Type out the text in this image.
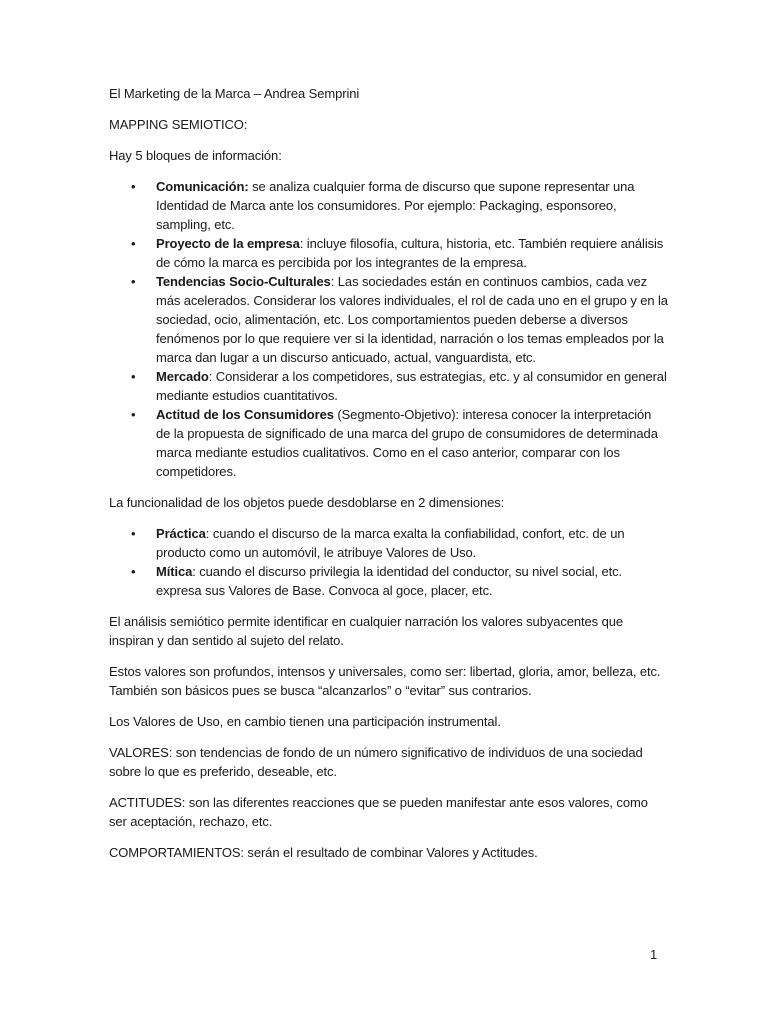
El Marketing de la Marca – Andrea Semprini

MAPPING SEMIOTICO:

Hay 5 bloques de información:

• Comunicación: se analiza cualquier forma de discurso que supone representar una Identidad de Marca ante los consumidores. Por ejemplo: Packaging, esponsoreo, sampling, etc.
• Proyecto de la empresa: incluye filosofía, cultura, historia, etc. También requiere análisis de cómo la marca es percibida por los integrantes de la empresa.
• Tendencias Socio-Culturales: Las sociedades están en continuos cambios, cada vez más acelerados. Considerar los valores individuales, el rol de cada uno en el grupo y en la sociedad, ocio, alimentación, etc. Los comportamientos pueden deberse a diversos fenómenos por lo que requiere ver si la identidad, narración o los temas empleados por la marca dan lugar a un discurso anticuado, actual, vanguardista, etc.
• Mercado: Considerar a los competidores, sus estrategias, etc. y al consumidor en general mediante estudios cuantitativos.
• Actitud de los Consumidores (Segmento-Objetivo): interesa conocer la interpretación de la propuesta de significado de una marca del grupo de consumidores de determinada marca mediante estudios cualitativos. Como en el caso anterior, comparar con los competidores.

La funcionalidad de los objetos puede desdoblarse en 2 dimensiones:

• Práctica: cuando el discurso de la marca exalta la confiabilidad, confort, etc. de un producto como un automóvil, le atribuye Valores de Uso.
• Mítica: cuando el discurso privilegia la identidad del conductor, su nivel social, etc. expresa sus Valores de Base. Convoca al goce, placer, etc.

El análisis semiótico permite identificar en cualquier narración los valores subyacentes que inspiran y dan sentido al sujeto del relato.

Estos valores son profundos, intensos y universales, como ser: libertad, gloria, amor, belleza, etc. También son básicos pues se busca “alcanzarlos” o “evitar” sus contrarios.

Los Valores de Uso, en cambio tienen una participación instrumental.

VALORES: son tendencias de fondo de un número significativo de individuos de una sociedad sobre lo que es preferido, deseable, etc.

ACTITUDES: son las diferentes reacciones que se pueden manifestar ante esos valores, como ser aceptación, rechazo, etc.

COMPORTAMIENTOS: serán el resultado de combinar Valores y Actitudes.

1
